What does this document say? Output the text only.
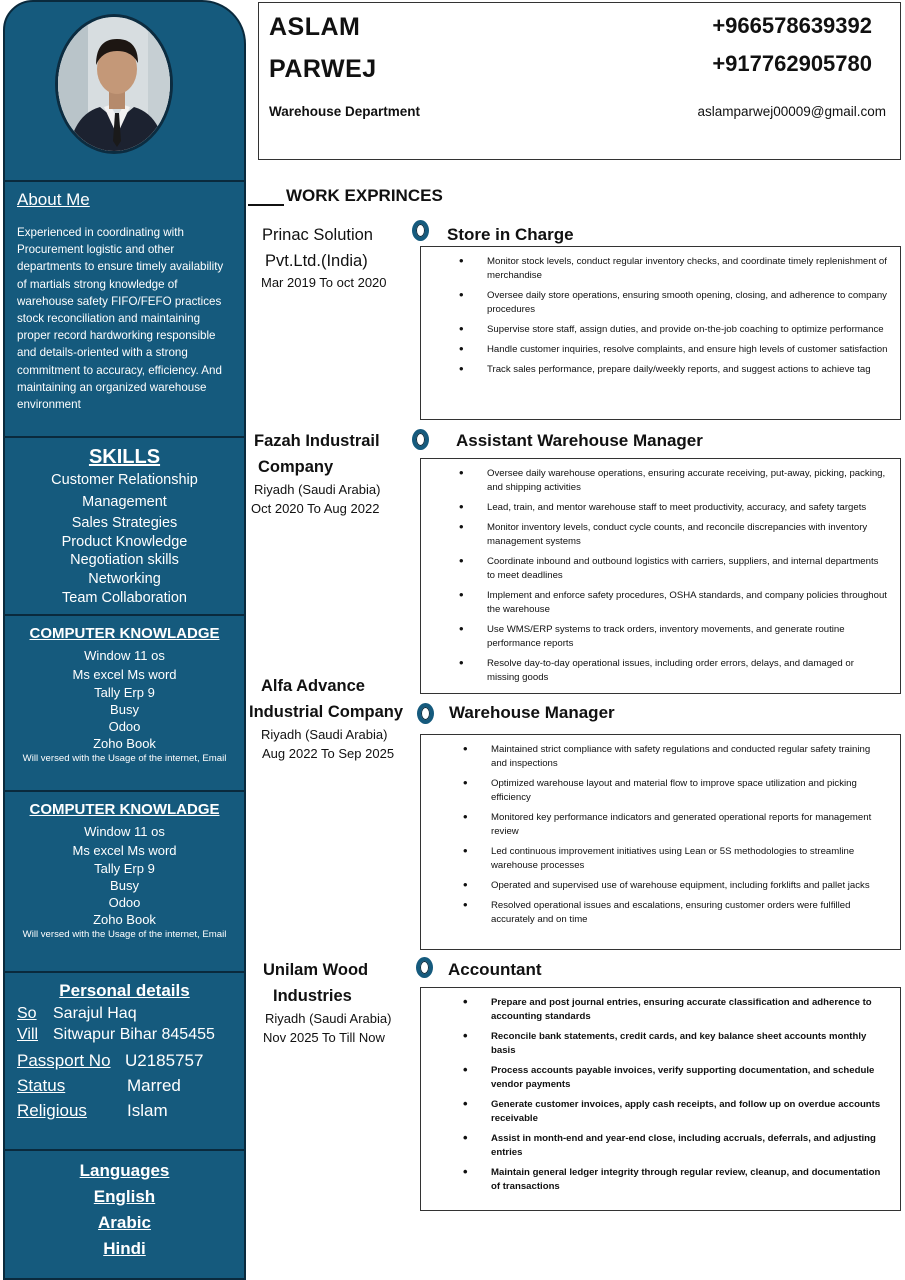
About Me
Experienced in coordinating with Procurement logistic and other departments to ensure timely availability of martials strong knowledge of warehouse safety FIFO/FEFO practices stock reconciliation and maintaining proper record hardworking responsible and details-oriented with a strong commitment to accuracy, efficiency. And maintaining an organized warehouse environment
SKILLS
Customer Relationship
Management
Sales Strategies
Product Knowledge
Negotiation skills
Networking
Team Collaboration
COMPUTER KNOWLADGE
Window 11 os
Ms excel Ms word
Tally Erp 9
Busy
Odoo
Zoho Book
Will versed with the Usage of the internet, Email
COMPUTER KNOWLADGE
Window 11 os
Ms excel Ms word
Tally Erp 9
Busy
Odoo
Zoho Book
Will versed with the Usage of the internet, Email
Personal details
So Sarajul Haq
Vill Sitwapur Bihar 845455
Passport No U2185757
Status	Marred
Religious Islam
Languages
English
Arabic
Hindi
ASLAM
PARWEJ
+966578639392
+917762905780
Warehouse Department	aslamparwej00009@gmail.com
WORK EXPRINCES
Prinac Solution
Pvt.Ltd.(India)
Mar 2019 To oct 2020
Store in Charge
• Monitor stock levels, conduct regular inventory checks, and coordinate timely replenishment of merchandise
• Oversee daily store operations, ensuring smooth opening, closing, and adherence to company procedures
• Supervise store staff, assign duties, and provide on-the-job coaching to optimize performance
• Handle customer inquiries, resolve complaints, and ensure high levels of customer satisfaction
• Track sales performance, prepare daily/weekly reports, and suggest actions to achieve tag
Fazah Industrail
Company
Riyadh (Saudi Arabia)
Oct 2020 To Aug 2022
Assistant Warehouse Manager
• Oversee daily warehouse operations, ensuring accurate receiving, put-away, picking, packing, and shipping activities
• Lead, train, and mentor warehouse staff to meet productivity, accuracy, and safety targets
• Monitor inventory levels, conduct cycle counts, and reconcile discrepancies with inventory management systems
• Coordinate inbound and outbound logistics with carriers, suppliers, and internal departments to meet deadlines
• Implement and enforce safety procedures, OSHA standards, and company policies throughout the warehouse
• Use WMS/ERP systems to track orders, inventory movements, and generate routine performance reports
• Resolve day-to-day operational issues, including order errors, delays, and damaged or missing goods
Alfa Advance
Industrial Company
Riyadh (Saudi Arabia)
Aug 2022 To Sep 2025
Warehouse Manager
• Maintained strict compliance with safety regulations and conducted regular safety training and inspections
• Optimized warehouse layout and material flow to improve space utilization and picking efficiency
• Monitored key performance indicators and generated operational reports for management review
• Led continuous improvement initiatives using Lean or 5S methodologies to streamline warehouse processes
• Operated and supervised use of warehouse equipment, including forklifts and pallet jacks
• Resolved operational issues and escalations, ensuring customer orders were fulfilled accurately and on time
Unilam Wood
Industries
Riyadh (Saudi Arabia)
Nov 2025 To Till Now
Accountant
• Prepare and post journal entries, ensuring accurate classification and adherence to accounting standards
• Reconcile bank statements, credit cards, and key balance sheet accounts monthly basis
• Process accounts payable invoices, verify supporting documentation, and schedule vendor payments
• Generate customer invoices, apply cash receipts, and follow up on overdue accounts receivable
• Assist in month-end and year-end close, including accruals, deferrals, and adjusting entries
• Maintain general ledger integrity through regular review, cleanup, and documentation of transactions
